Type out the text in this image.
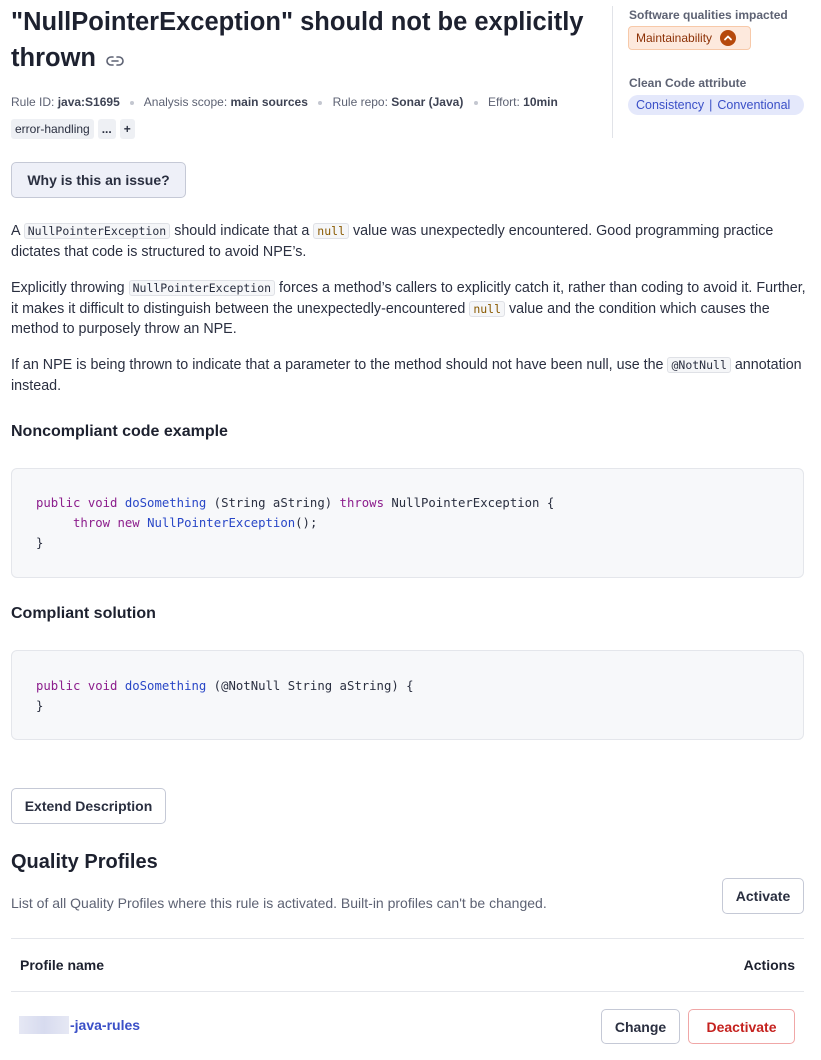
"NullPointerException" should not be explicitly thrown
Rule ID: java:S1695 Analysis scope: main sources Rule repo: Sonar (Java) Effort: 10min
error-handling	...	+
Software qualities impacted
Maintainability
Clean Code attribute
Consistency | Conventional
Why is this an issue?

A NullPointerException should indicate that a null value was unexpectedly encountered. Good programming practice dictates that code is structured to avoid NPE’s.

Explicitly throwing NullPointerException forces a method’s callers to explicitly catch it, rather than coding to avoid it. Further, it makes it difficult to distinguish between the unexpectedly-encountered null value and the condition which causes the method to purposely throw an NPE.

If an NPE is being thrown to indicate that a parameter to the method should not have been null, use the @NotNull annotation instead.

Noncompliant code example
public void doSomething (String aString) throws NullPointerException {
throw new NullPointerException();
}
Compliant solution
public void doSomething (@NotNull String aString) {
}
Extend Description
Quality Profiles
List of all Quality Profiles where this rule is activated. Built-in profiles can't be changed.	Activate
Profile name	Actions
-java-rules	Change	Deactivate
